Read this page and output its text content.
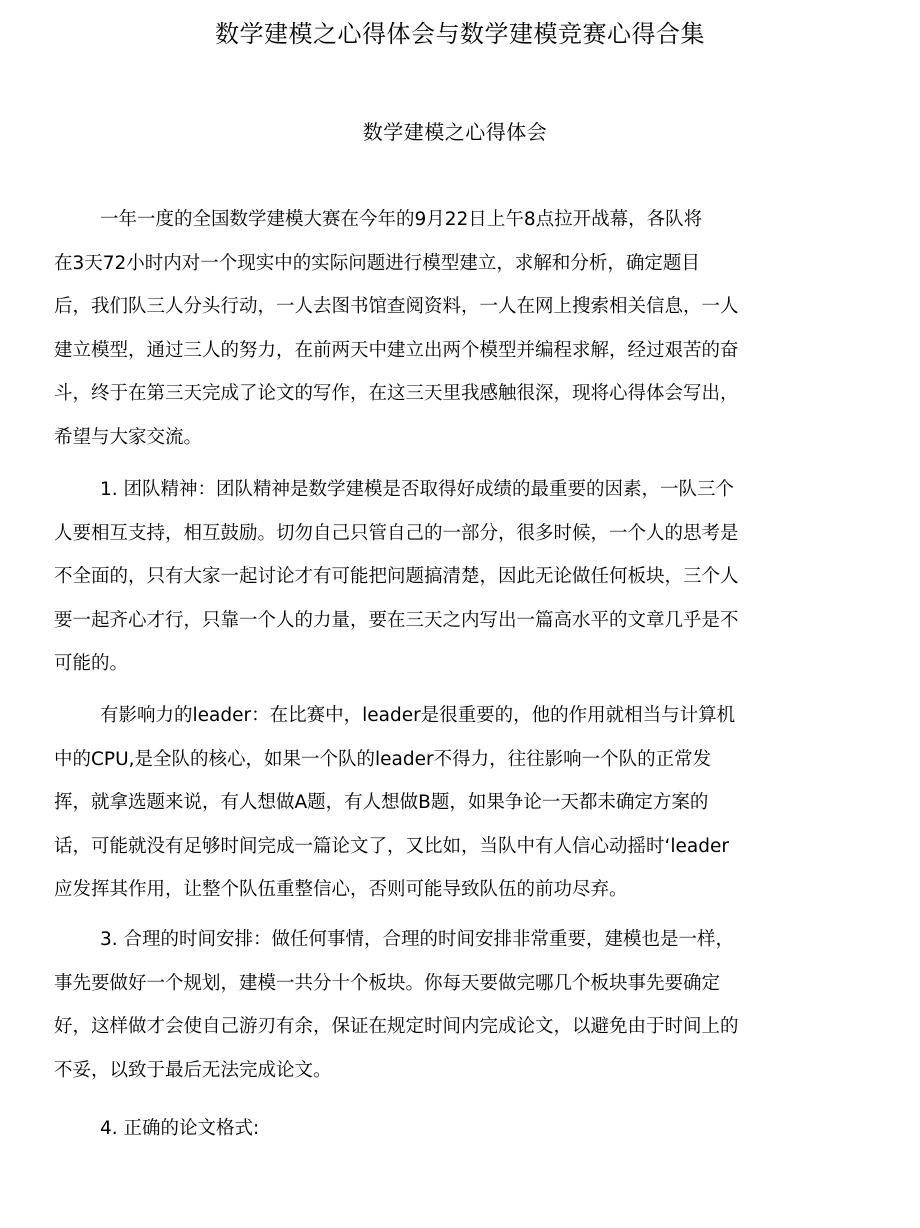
数学建模之心得体会与数学建模竞赛心得合集
数学建模之心得体会
一年一度的全国数学建模大赛在今年的9月22日上午8点拉开战幕，各队将
在3天72小时内对一个现实中的实际问题进行模型建立，求解和分析，确定题目
后，我们队三人分头行动，一人去图书馆查阅资料，一人在网上搜索相关信息，一人
建立模型，通过三人的努力，在前两天中建立出两个模型并编程求解，经过艰苦的奋
斗，终于在第三天完成了论文的写作，在这三天里我感触很深，现将心得体会写出，
希望与大家交流。
1. 团队精神：团队精神是数学建模是否取得好成绩的最重要的因素，一队三个
人要相互支持，相互鼓励。切勿自己只管自己的一部分，很多时候，一个人的思考是
不全面的，只有大家一起讨论才有可能把问题搞清楚，因此无论做任何板块，三个人
要一起齐心才行，只靠一个人的力量，要在三天之内写出一篇高水平的文章几乎是不
可能的。
有影响力的leader：在比赛中，leader是很重要的，他的作用就相当与计算机
中的CPU,是全队的核心，如果一个队的leader不得力，往往影响一个队的正常发
挥，就拿选题来说，有人想做A题，有人想做B题，如果争论一天都未确定方案的
话，可能就没有足够时间完成一篇论文了，又比如，当队中有人信心动摇时‘leader
应发挥其作用，让整个队伍重整信心，否则可能导致队伍的前功尽弃。
3. 合理的时间安排：做任何事情，合理的时间安排非常重要，建模也是一样，
事先要做好一个规划，建模一共分十个板块。你每天要做完哪几个板块事先要确定
好，这样做才会使自己游刃有余，保证在规定时间内完成论文，以避免由于时间上的
不妥，以致于最后无法完成论文。
4. 正确的论文格式:
